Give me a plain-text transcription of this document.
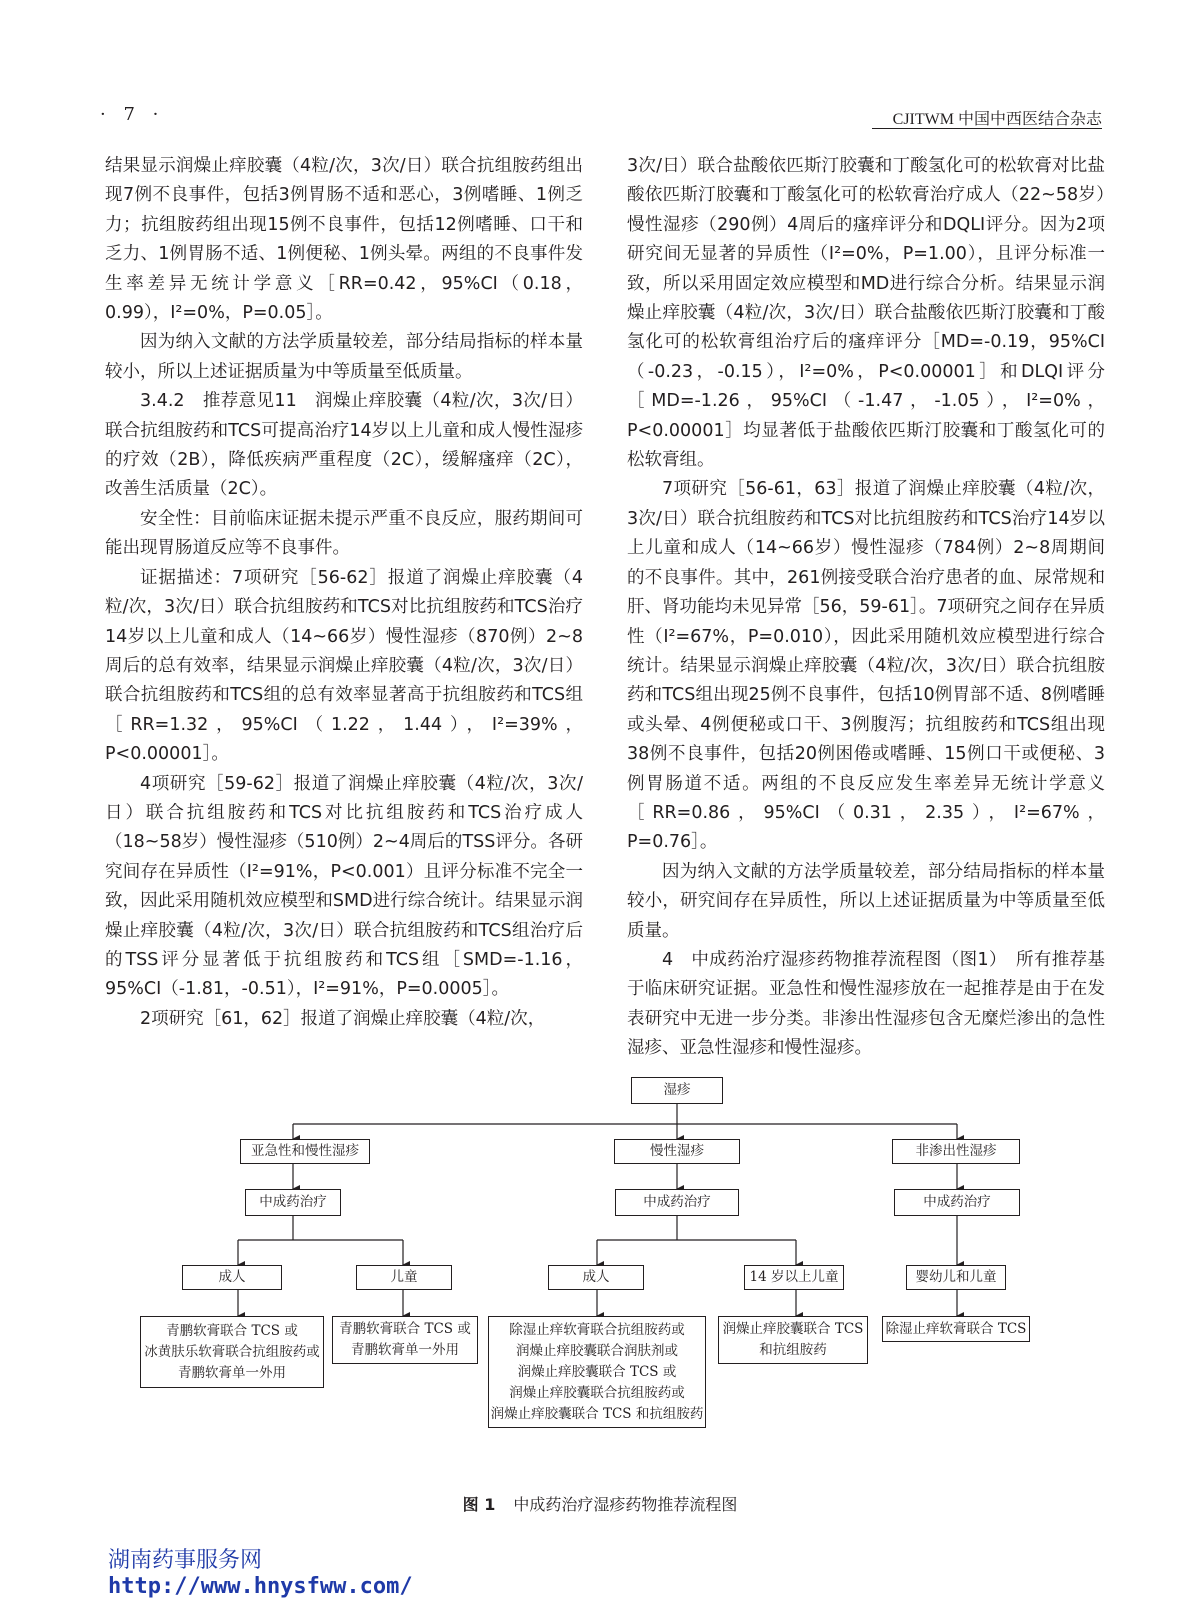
· 7 ·	CJITWM 中国中西医结合杂志

结果显示润燥止痒胶囊（4粒/次，3次/日）联合抗组胺药组出现7例不良事件，包括3例胃肠不适和恶心，3例嗜睡、1例乏力；抗组胺药组出现15例不良事件，包括12例嗜睡、口干和乏力、1例胃肠不适、1例便秘、1例头晕。两组的不良事件发生率差异无统计学意义［RR=0.42，95%CI（0.18，0.99），I²=0%，P=0.05］。

因为纳入文献的方法学质量较差，部分结局指标的样本量较小，所以上述证据质量为中等质量至低质量。

3.4.2　推荐意见11　润燥止痒胶囊（4粒/次，3次/日）联合抗组胺药和TCS可提高治疗14岁以上儿童和成人慢性湿疹的疗效（2B），降低疾病严重程度（2C），缓解瘙痒（2C），改善生活质量（2C）。

安全性：目前临床证据未提示严重不良反应，服药期间可能出现胃肠道反应等不良事件。

证据描述：7项研究［56-62］报道了润燥止痒胶囊（4粒/次，3次/日）联合抗组胺药和TCS对比抗组胺药和TCS治疗14岁以上儿童和成人（14~66岁）慢性湿疹（870例）2~8周后的总有效率，结果显示润燥止痒胶囊（4粒/次，3次/日）联合抗组胺药和TCS组的总有效率显著高于抗组胺药和TCS组［RR=1.32，95%CI（1.22，1.44），I²=39%，P<0.00001］。

4项研究［59-62］报道了润燥止痒胶囊（4粒/次，3次/日）联合抗组胺药和TCS对比抗组胺药和TCS治疗成人（18~58岁）慢性湿疹（510例）2~4周后的TSS评分。各研究间存在异质性（I²=91%，P<0.001）且评分标准不完全一致，因此采用随机效应模型和SMD进行综合统计。结果显示润燥止痒胶囊（4粒/次，3次/日）联合抗组胺药和TCS组治疗后的TSS评分显著低于抗组胺药和TCS组［SMD=-1.16，95%CI（-1.81，-0.51），I²=91%，P=0.0005］。

2项研究［61，62］报道了润燥止痒胶囊（4粒/次，

3次/日）联合盐酸依匹斯汀胶囊和丁酸氢化可的松软膏对比盐酸依匹斯汀胶囊和丁酸氢化可的松软膏治疗成人（22~58岁）慢性湿疹（290例）4周后的瘙痒评分和DQLI评分。因为2项研究间无显著的异质性（I²=0%，P=1.00），且评分标准一致，所以采用固定效应模型和MD进行综合分析。结果显示润燥止痒胶囊（4粒/次，3次/日）联合盐酸依匹斯汀胶囊和丁酸氢化可的松软膏组治疗后的瘙痒评分［MD=-0.19，95%CI（-0.23，-0.15），I²=0%，P<0.00001］和DLQI评分［MD=-1.26，95%CI（-1.47，-1.05），I²=0%，P<0.00001］均显著低于盐酸依匹斯汀胶囊和丁酸氢化可的松软膏组。

7项研究［56-61，63］报道了润燥止痒胶囊（4粒/次，3次/日）联合抗组胺药和TCS对比抗组胺药和TCS治疗14岁以上儿童和成人（14~66岁）慢性湿疹（784例）2~8周期间的不良事件。其中，261例接受联合治疗患者的血、尿常规和肝、肾功能均未见异常［56，59-61］。7项研究之间存在异质性（I²=67%，P=0.010），因此采用随机效应模型进行综合统计。结果显示润燥止痒胶囊（4粒/次，3次/日）联合抗组胺药和TCS组出现25例不良事件，包括10例胃部不适、8例嗜睡或头晕、4例便秘或口干、3例腹泻；抗组胺药和TCS组出现38例不良事件，包括20例困倦或嗜睡、15例口干或便秘、3例胃肠道不适。两组的不良反应发生率差异无统计学意义［RR=0.86，95%CI（0.31，2.35），I²=67%，P=0.76］。

因为纳入文献的方法学质量较差，部分结局指标的样本量较小，研究间存在异质性，所以上述证据质量为中等质量至低质量。

4　中成药治疗湿疹药物推荐流程图（图1）　所有推荐基于临床研究证据。亚急性和慢性湿疹放在一起推荐是由于在发表研究中无进一步分类。非渗出性湿疹包含无糜烂渗出的急性湿疹、亚急性湿疹和慢性湿疹。

湿疹
亚急性和慢性湿疹	慢性湿疹	非渗出性湿疹
中成药治疗	中成药治疗	中成药治疗
成人	儿童	成人	14 岁以上儿童	婴幼儿和儿童
青鹏软膏联合 TCS 或
冰黄肤乐软膏联合抗组胺药或
青鹏软膏单一外用
青鹏软膏联合 TCS 或
青鹏软膏单一外用
除湿止痒软膏联合抗组胺药或
润燥止痒胶囊联合润肤剂或
润燥止痒胶囊联合 TCS 或
润燥止痒胶囊联合抗组胺药或
润燥止痒胶囊联合 TCS 和抗组胺药
润燥止痒胶囊联合 TCS
和抗组胺药
除湿止痒软膏联合 TCS
图 1 中成药治疗湿疹药物推荐流程图
湖南药事服务网
http://www.hnysfww.com/
